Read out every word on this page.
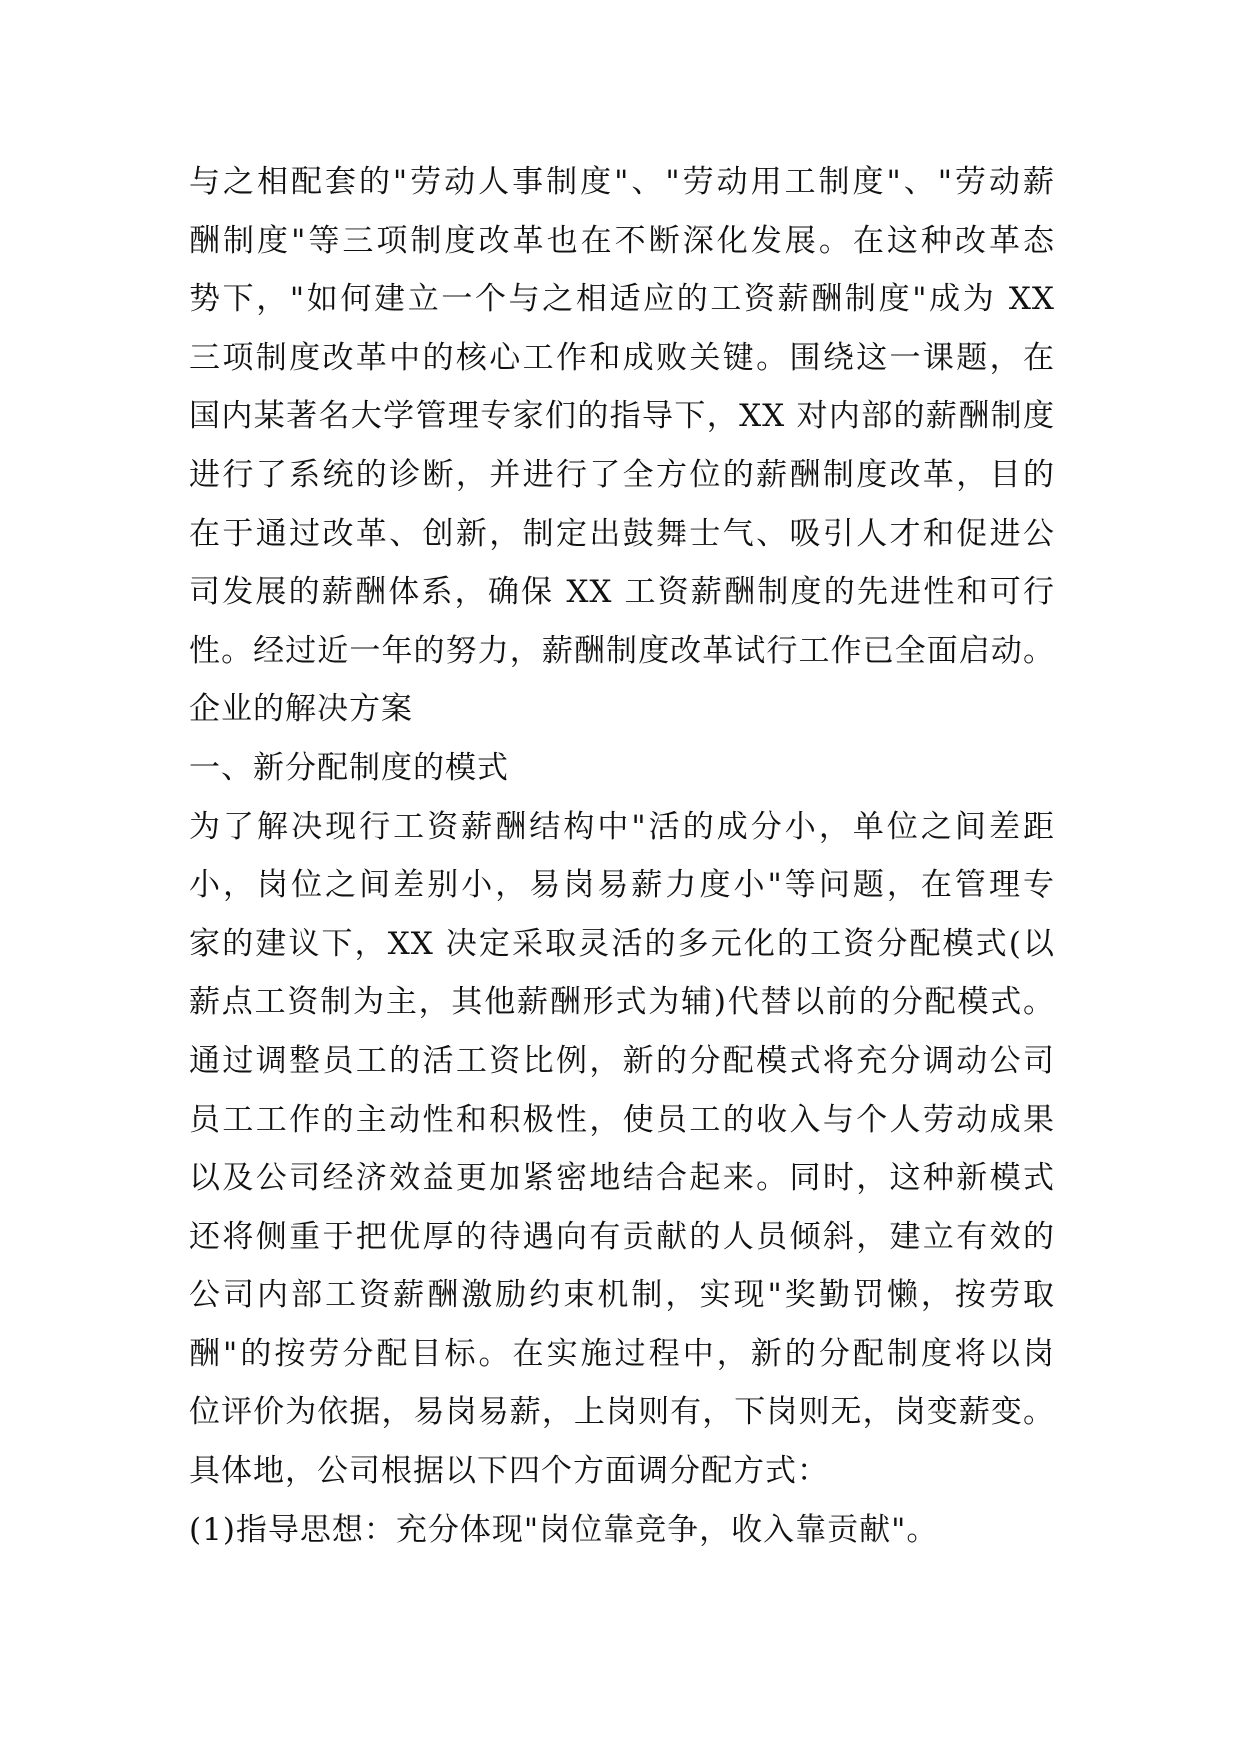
与之相配套的"劳动人事制度"、"劳动用工制度"、"劳动薪
酬制度"等三项制度改革也在不断深化发展。在这种改革态
势下，"如何建立一个与之相适应的工资薪酬制度"成为 XX
三项制度改革中的核心工作和成败关键。围绕这一课题，在
国内某著名大学管理专家们的指导下，XX 对内部的薪酬制度
进行了系统的诊断，并进行了全方位的薪酬制度改革，目的
在于通过改革、创新，制定出鼓舞士气、吸引人才和促进公
司发展的薪酬体系，确保 XX 工资薪酬制度的先进性和可行
性。经过近一年的努力，薪酬制度改革试行工作已全面启动。
企业的解决方案
一、新分配制度的模式
为了解决现行工资薪酬结构中"活的成分小，单位之间差距
小，岗位之间差别小，易岗易薪力度小"等问题，在管理专
家的建议下，XX 决定采取灵活的多元化的工资分配模式(以
薪点工资制为主，其他薪酬形式为辅)代替以前的分配模式。
通过调整员工的活工资比例，新的分配模式将充分调动公司
员工工作的主动性和积极性，使员工的收入与个人劳动成果
以及公司经济效益更加紧密地结合起来。同时，这种新模式
还将侧重于把优厚的待遇向有贡献的人员倾斜，建立有效的
公司内部工资薪酬激励约束机制，实现"奖勤罚懒，按劳取
酬"的按劳分配目标。在实施过程中，新的分配制度将以岗
位评价为依据，易岗易薪，上岗则有，下岗则无，岗变薪变。
具体地，公司根据以下四个方面调分配方式：
(1)指导思想：充分体现"岗位靠竞争，收入靠贡献"。
